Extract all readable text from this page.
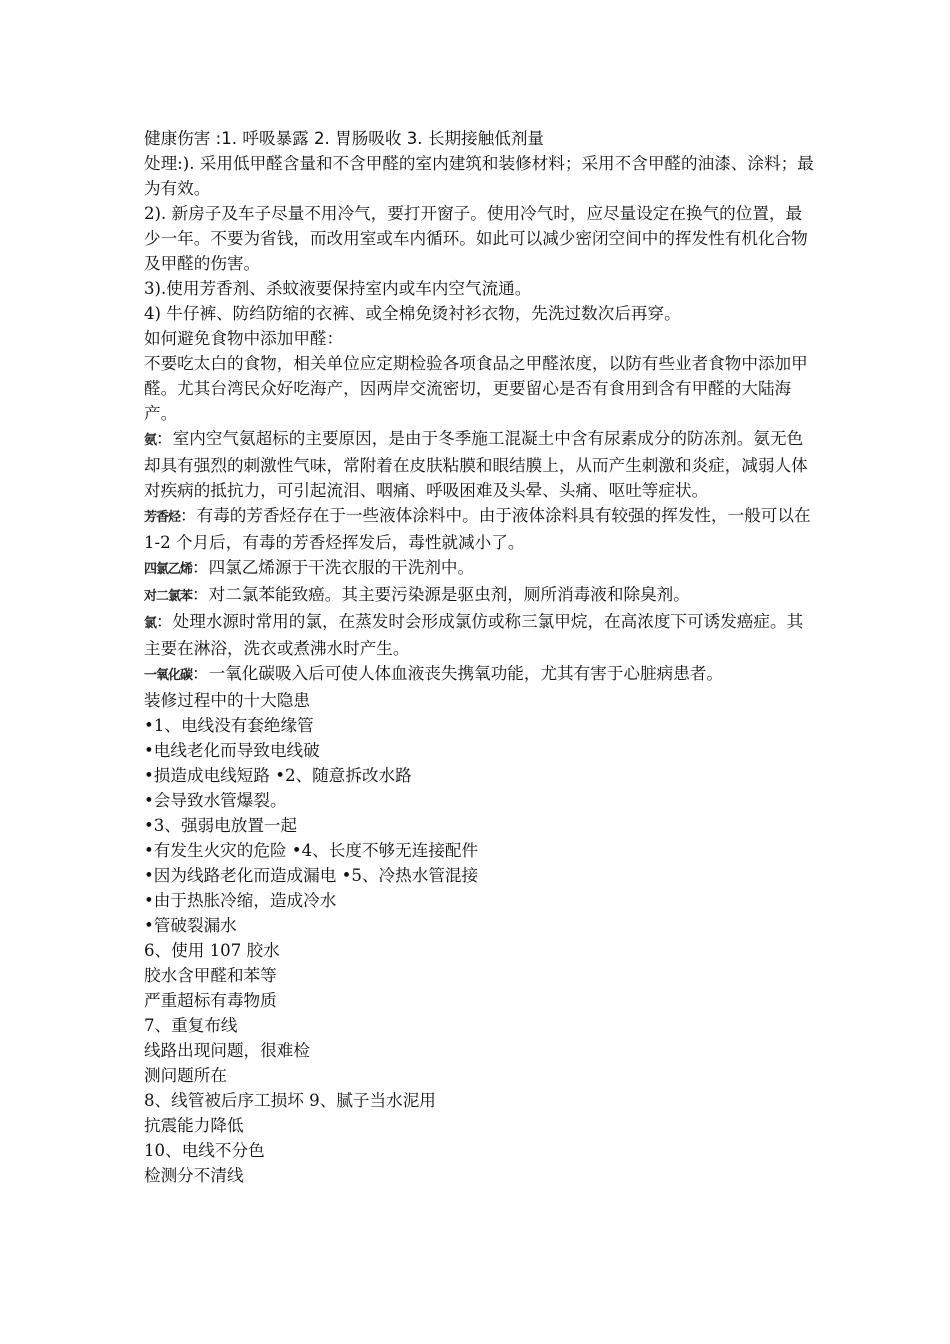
健康伤害 :1. 呼吸暴露 2. 胃肠吸收 3. 长期接触低剂量

处理:). 采用低甲醛含量和不含甲醛的室内建筑和装修材料；采用不含甲醛的油漆、涂料；最为有效。

2). 新房子及车子尽量不用冷气，要打开窗子。使用冷气时，应尽量设定在换气的位置，最少一年。不要为省钱，而改用室或车内循环。如此可以减少密闭空间中的挥发性有机化合物及甲醛的伤害。

3).使用芳香剂、杀蚊液要保持室内或车内空气流通。

4) 牛仔裤、防绉防缩的衣裤、或全棉免烫衬衫衣物，先洗过数次后再穿。

如何避免食物中添加甲醛：

不要吃太白的食物，相关单位应定期检验各项食品之甲醛浓度，以防有些业者食物中添加甲醛。尤其台湾民众好吃海产，因两岸交流密切，更要留心是否有食用到含有甲醛的大陆海产。

氨：室内空气氨超标的主要原因，是由于冬季施工混凝土中含有尿素成分的防冻剂。氨无色却具有强烈的刺激性气味，常附着在皮肤粘膜和眼结膜上，从而产生刺激和炎症，减弱人体对疾病的抵抗力，可引起流泪、咽痛、呼吸困难及头晕、头痛、呕吐等症状。

芳香烃：有毒的芳香烃存在于一些液体涂料中。由于液体涂料具有较强的挥发性，一般可以在 1-2 个月后，有毒的芳香烃挥发后，毒性就减小了。

四氯乙烯：四氯乙烯源于干洗衣服的干洗剂中。

对二氯苯：对二氯苯能致癌。其主要污染源是驱虫剂，厕所消毒液和除臭剂。

氯：处理水源时常用的氯，在蒸发时会形成氯仿或称三氯甲烷，在高浓度下可诱发癌症。其主要在淋浴，洗衣或煮沸水时产生。

一氧化碳：一氧化碳吸入后可使人体血液丧失携氧功能，尤其有害于心脏病患者。

装修过程中的十大隐患

•1、电线没有套绝缘管

•电线老化而导致电线破

•损造成电线短路 •2、随意拆改水路

•会导致水管爆裂。

•3、强弱电放置一起

•有发生火灾的危险 •4、长度不够无连接配件

•因为线路老化而造成漏电 •5、冷热水管混接

•由于热胀冷缩，造成冷水

•管破裂漏水

6、使用 107 胶水

胶水含甲醛和苯等

严重超标有毒物质

7、重复布线

线路出现问题，很难检

测问题所在

8、线管被后序工损坏 9、腻子当水泥用

抗震能力降低

10、电线不分色

检测分不清线
